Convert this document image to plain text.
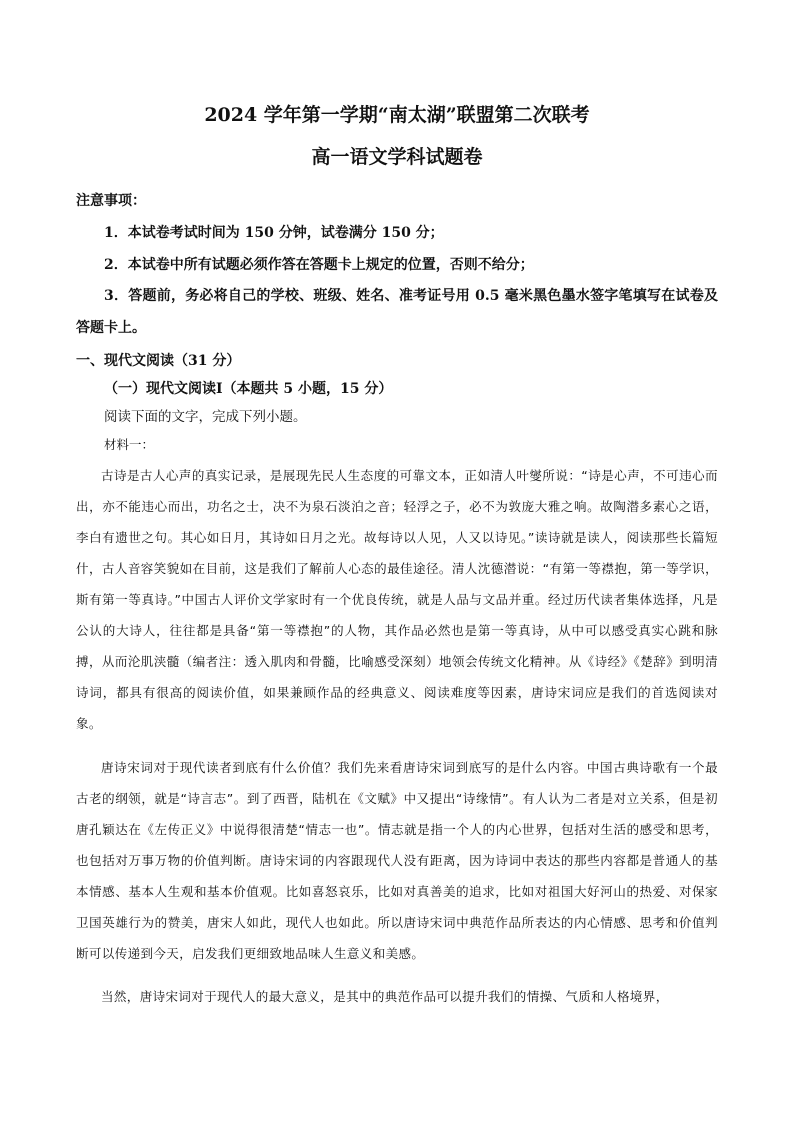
2024 学年第一学期“南太湖”联盟第二次联考
高一语文学科试题卷
注意事项：
1．本试卷考试时间为 150 分钟，试卷满分 150 分；
2．本试卷中所有试题必须作答在答题卡上规定的位置，否则不给分；
3．答题前，务必将自己的学校、班级、姓名、准考证号用 0.5 毫米黑色墨水签字笔填写在试卷及答题卡上。
一、现代文阅读（31 分）
（一）现代文阅读Ⅰ（本题共 5 小题，15 分）
阅读下面的文字，完成下列小题。
材料一：

古诗是古人心声的真实记录，是展现先民人生态度的可靠文本，正如清人叶燮所说：“诗是心声，不可违心而出，亦不能违心而出，功名之士，决不为泉石淡泊之音；轻浮之子，必不为敦庞大雅之响。故陶潜多素心之语，李白有遗世之句。其心如日月，其诗如日月之光。故每诗以人见，人又以诗见。”读诗就是读人，阅读那些长篇短什，古人音容笑貌如在目前，这是我们了解前人心态的最佳途径。清人沈德潜说：“有第一等襟抱，第一等学识，斯有第一等真诗。”中国古人评价文学家时有一个优良传统，就是人品与文品并重。经过历代读者集体选择，凡是公认的大诗人，往往都是具备“第一等襟抱”的人物，其作品必然也是第一等真诗，从中可以感受真实心跳和脉搏，从而沦肌浃髓（编者注：透入肌肉和骨髓，比喻感受深刻）地领会传统文化精神。从《诗经》《楚辞》到明清诗词，都具有很高的阅读价值，如果兼顾作品的经典意义、阅读难度等因素，唐诗宋词应是我们的首选阅读对象。

唐诗宋词对于现代读者到底有什么价值？我们先来看唐诗宋词到底写的是什么内容。中国古典诗歌有一个最古老的纲领，就是“诗言志”。到了西晋，陆机在《文赋》中又提出“诗缘情”。有人认为二者是对立关系，但是初唐孔颖达在《左传正义》中说得很清楚“情志一也”。情志就是指一个人的内心世界，包括对生活的感受和思考，也包括对万事万物的价值判断。唐诗宋词的内容跟现代人没有距离，因为诗词中表达的那些内容都是普通人的基本情感、基本人生观和基本价值观。比如喜怒哀乐，比如对真善美的追求，比如对祖国大好河山的热爱、对保家卫国英雄行为的赞美，唐宋人如此，现代人也如此。所以唐诗宋词中典范作品所表达的内心情感、思考和价值判断可以传递到今天，启发我们更细致地品味人生意义和美感。

当然，唐诗宋词对于现代人的最大意义，是其中的典范作品可以提升我们的情操、气质和人格境界，
